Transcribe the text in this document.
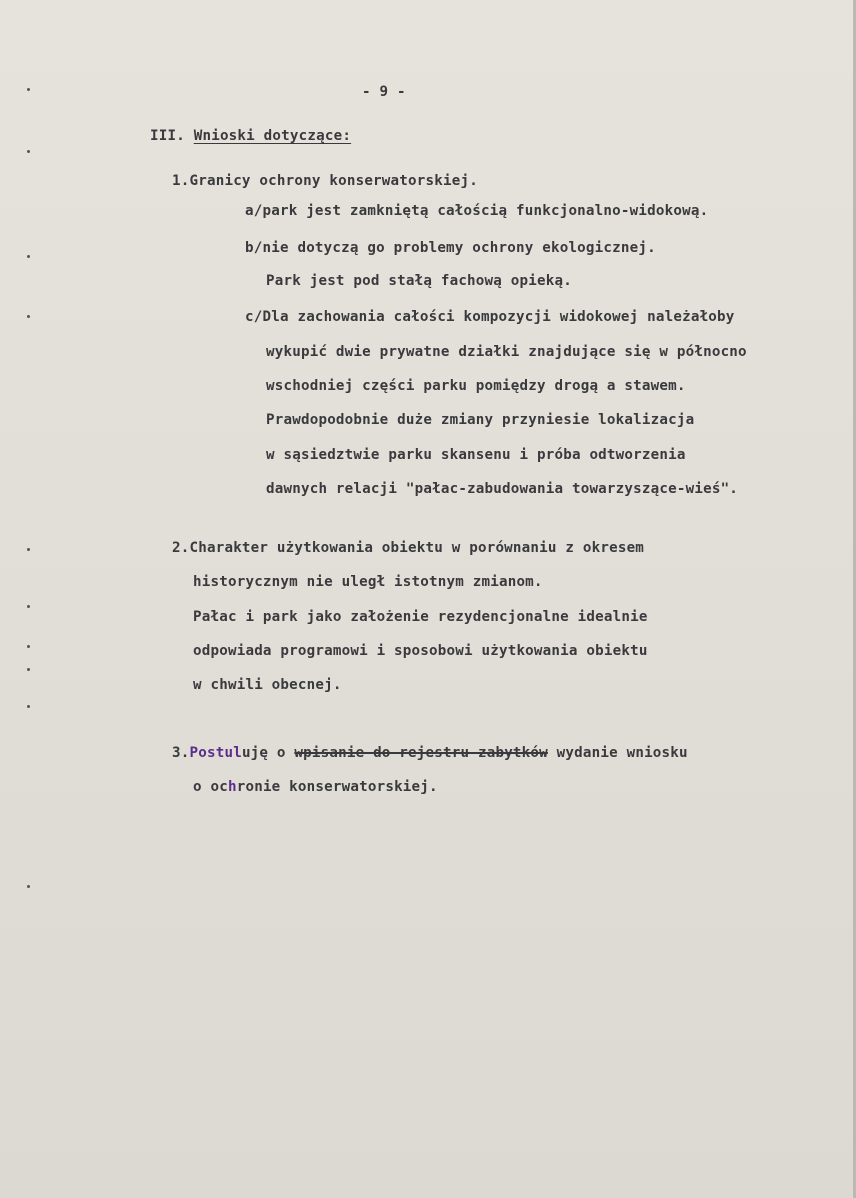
- 9 -
III. Wnioski dotyczące:
1.Granicy ochrony konserwatorskiej.
a/park jest zamkniętą całością funkcjonalno-widokową.
b/nie dotyczą go problemy ochrony ekologicznej.
Park jest pod stałą fachową opieką.
c/Dla zachowania całości kompozycji widokowej należałoby
wykupić dwie prywatne działki znajdujące się w północno
wschodniej części parku pomiędzy drogą a stawem.
Prawdopodobnie duże zmiany przyniesie lokalizacja
w sąsiedztwie parku skansenu i próba odtworzenia
dawnych relacji "pałac-zabudowania towarzyszące-wieś".
2.Charakter użytkowania obiektu w porównaniu z okresem
historycznym nie uległ istotnym zmianom.
Pałac i park jako założenie rezydencjonalne idealnie
odpowiada programowi i sposobowi użytkowania obiektu
w chwili obecnej.
3.Postuluję o wpisanie do rejestru zabytków wydanie wniosku
o ochronie konserwatorskiej.
